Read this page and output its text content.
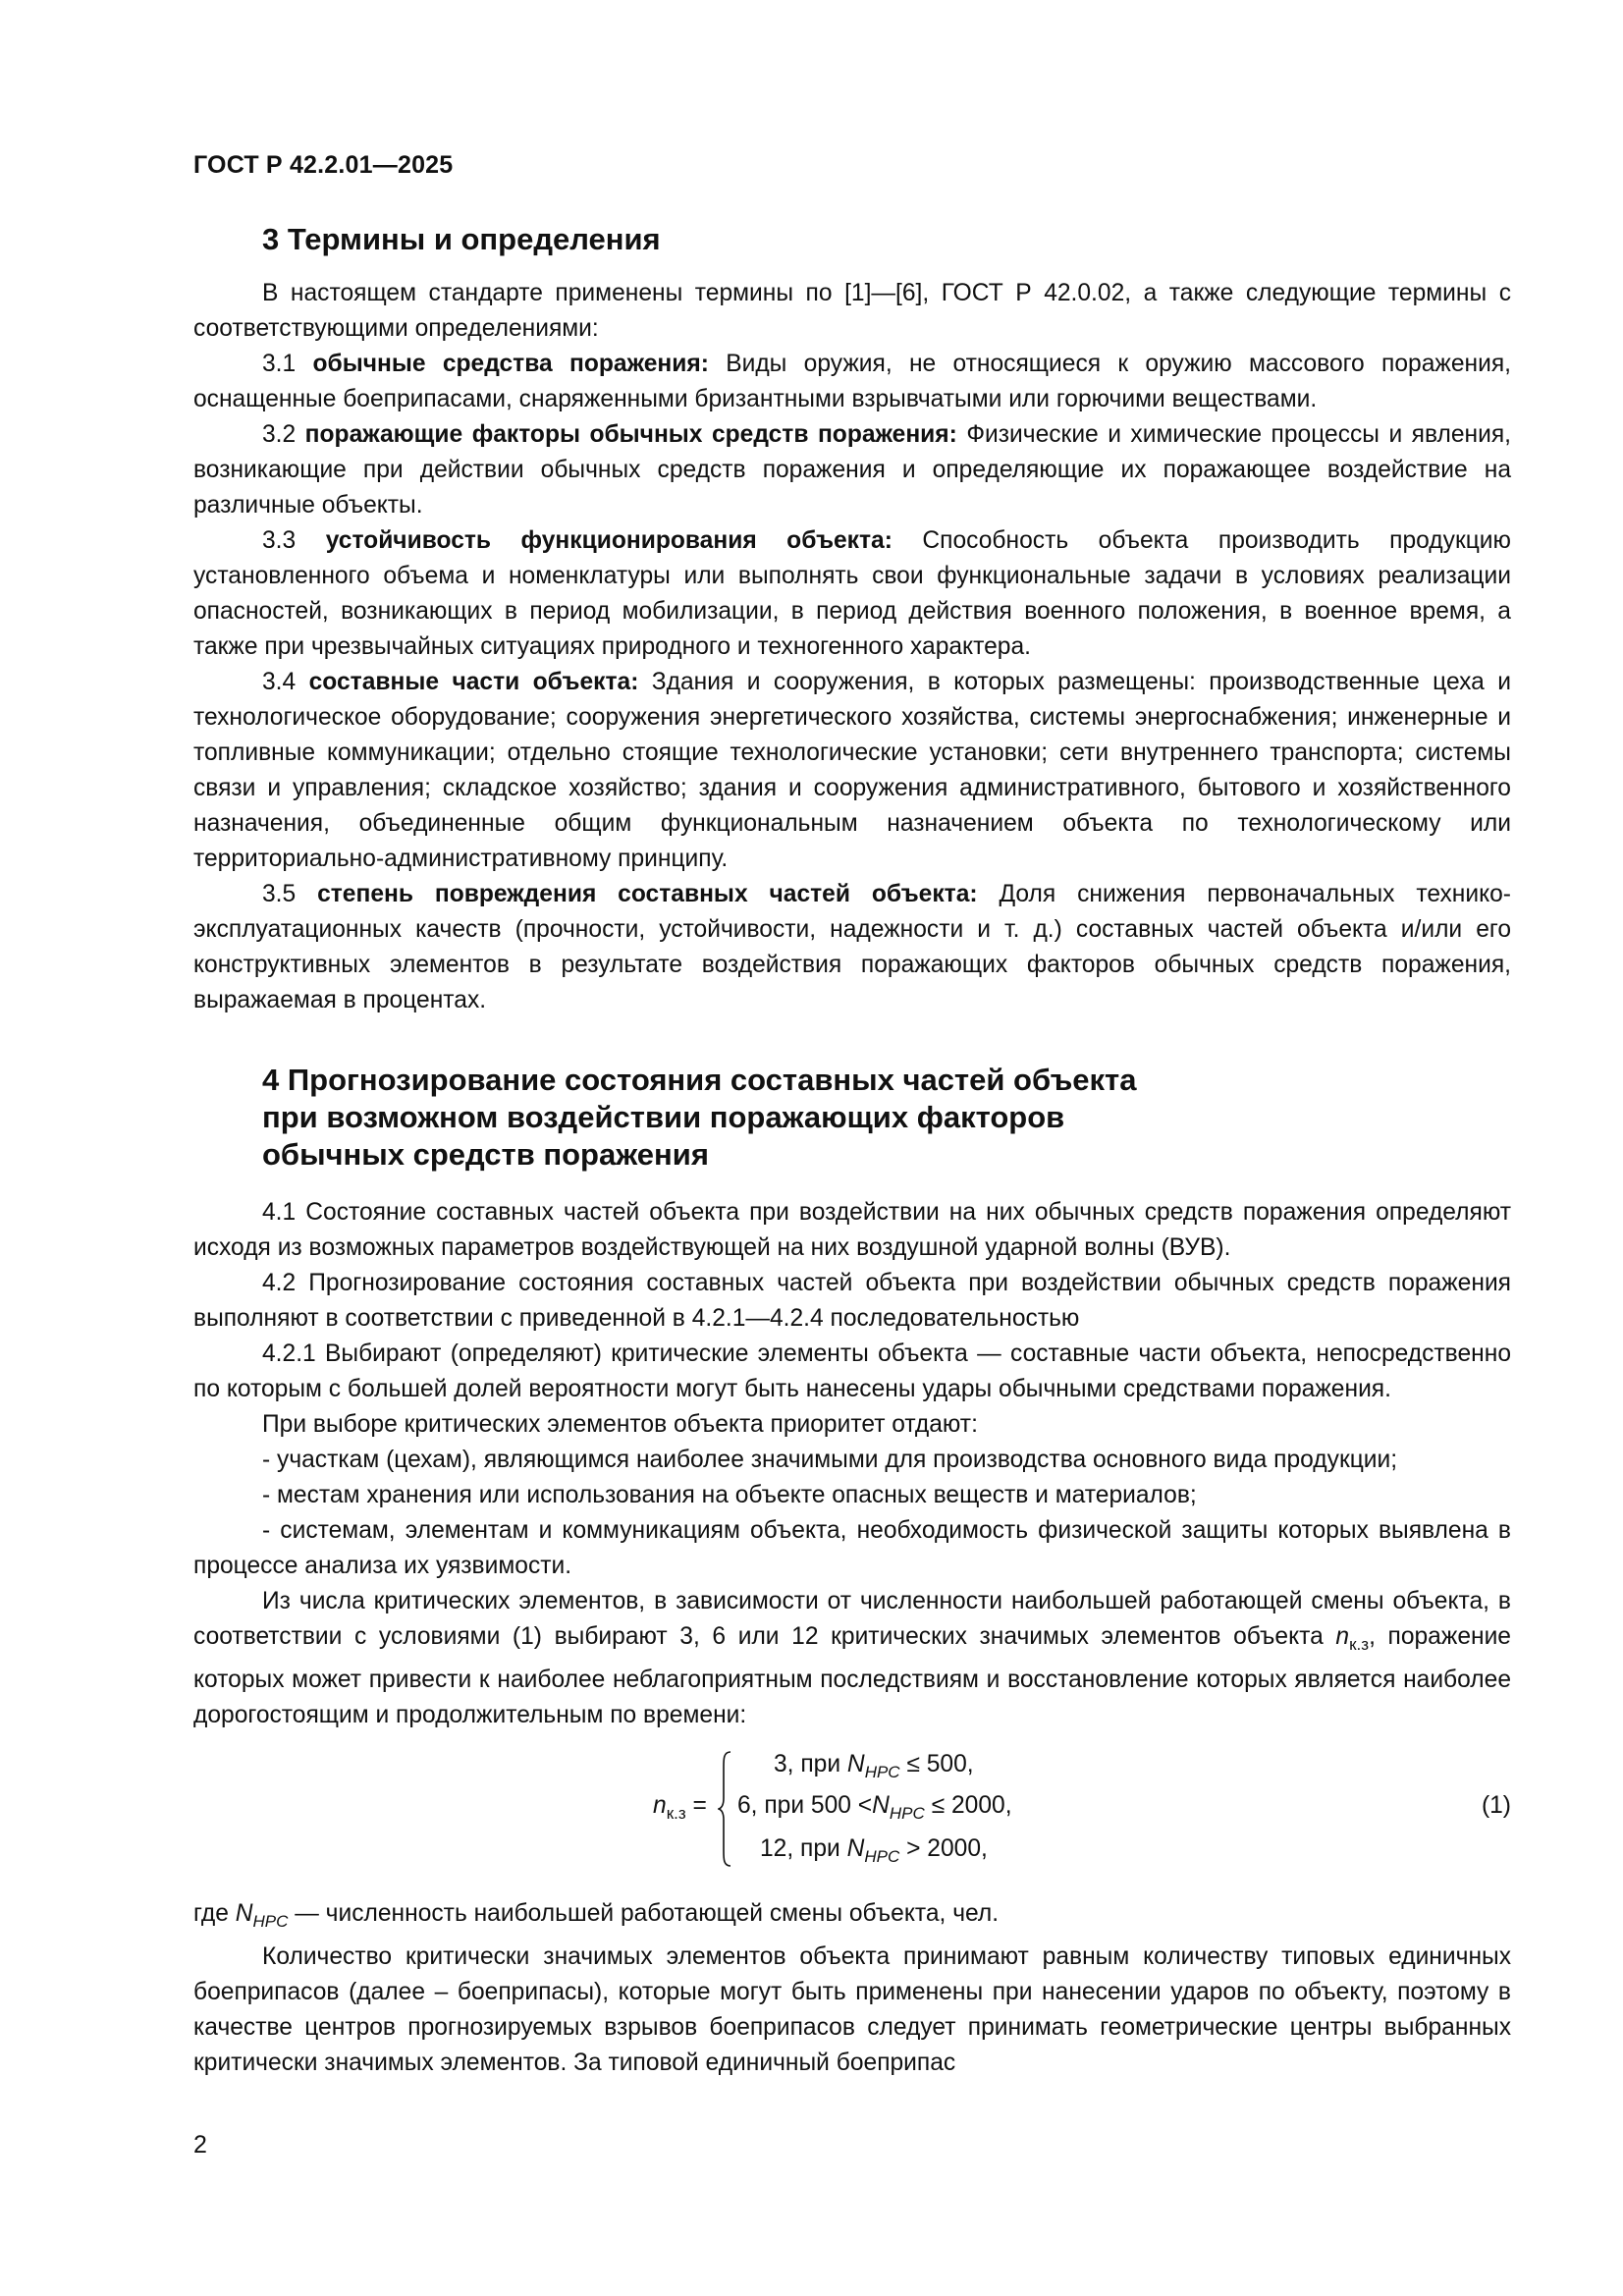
ГОСТ Р 42.2.01—2025
3 Термины и определения

В настоящем стандарте применены термины по [1]—[6], ГОСТ Р 42.0.02, а также следующие термины с соответствующими определениями:

3.1 обычные средства поражения: Виды оружия, не относящиеся к оружию массового поражения, оснащенные боеприпасами, снаряженными бризантными взрывчатыми или горючими веществами.

3.2 поражающие факторы обычных средств поражения: Физические и химические процессы и явления, возникающие при действии обычных средств поражения и определяющие их поражающее воздействие на различные объекты.

3.3 устойчивость функционирования объекта: Способность объекта производить продукцию установленного объема и номенклатуры или выполнять свои функциональные задачи в условиях реализации опасностей, возникающих в период мобилизации, в период действия военного положения, в военное время, а также при чрезвычайных ситуациях природного и техногенного характера.

3.4 составные части объекта: Здания и сооружения, в которых размещены: производственные цеха и технологическое оборудование; сооружения энергетического хозяйства, системы энергоснабжения; инженерные и топливные коммуникации; отдельно стоящие технологические установки; сети внутреннего транспорта; системы связи и управления; складское хозяйство; здания и сооружения административного, бытового и хозяйственного назначения, объединенные общим функциональным назначением объекта по технологическому или территориально-административному принципу.

3.5 степень повреждения составных частей объекта: Доля снижения первоначальных технико-эксплуатационных качеств (прочности, устойчивости, надежности и т. д.) составных частей объекта и/или его конструктивных элементов в результате воздействия поражающих факторов обычных средств поражения, выражаемая в процентах.

4 Прогнозирование состояния составных частей объекта
при возможном воздействии поражающих факторов
обычных средств поражения

4.1 Состояние составных частей объекта при воздействии на них обычных средств поражения определяют исходя из возможных параметров воздействующей на них воздушной ударной волны (ВУВ).

4.2 Прогнозирование состояния составных частей объекта при воздействии обычных средств поражения выполняют в соответствии с приведенной в 4.2.1—4.2.4 последовательностью

4.2.1 Выбирают (определяют) критические элементы объекта — составные части объекта, непосредственно по которым с большей долей вероятности могут быть нанесены удары обычными средствами поражения.

При выборе критических элементов объекта приоритет отдают:

- участкам (цехам), являющимся наиболее значимыми для производства основного вида продукции;

- местам хранения или использования на объекте опасных веществ и материалов;

- системам, элементам и коммуникациям объекта, необходимость физической защиты которых выявлена в процессе анализа их уязвимости.

Из числа критических элементов, в зависимости от численности наибольшей работающей смены объекта, в соответствии с условиями (1) выбирают 3, 6 или 12 критических значимых элементов объекта $n_{к.з}$, поражение которых может привести к наиболее неблагоприятным последствиям и восстановление которых является наиболее дорогостоящим и продолжительным по времени:

$n_{к.з}$ =
3, при $N_{НРС} \le 500$,
6, при $500 <N_{НРС} \le 2000$,
12, при $N_{НРС} > 2000$,
(1)

где $N_{НРС}$ — численность наибольшей работающей смены объекта, чел.

Количество критически значимых элементов объекта принимают равным количеству типовых единичных боеприпасов (далее – боеприпасы), которые могут быть применены при нанесении ударов по объекту, поэтому в качестве центров прогнозируемых взрывов боеприпасов следует принимать геометрические центры выбранных критически значимых элементов. За типовой единичный боеприпас

2
